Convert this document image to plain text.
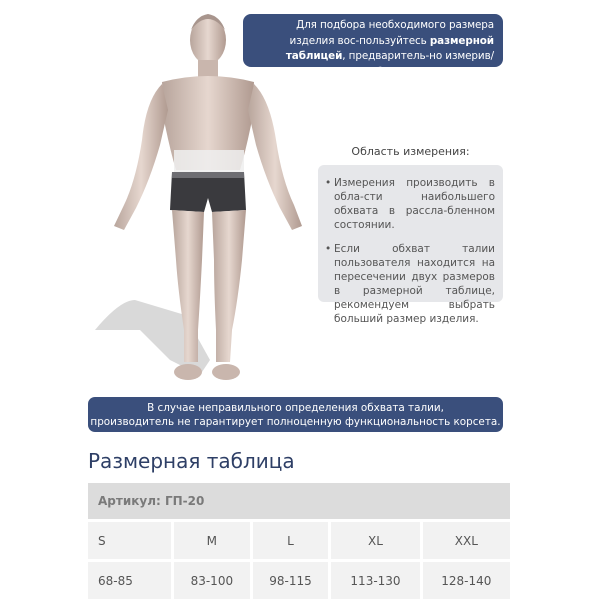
Для подбора необходимого размера изделия вос-пользуйтесь размерной таблицей, предваритель-но измерив/ уточнив все необходимые параметры
Область измерения:

• Измерения производить в обла-сти наибольшего обхвата в рассла-бленном состоянии.

• Если обхват талии пользователя находится на пересечении двух размеров в размерной таблице, рекомендуем выбрать больший размер изделия.

В случае неправильного определения обхвата талии,
производитель не гарантирует полноценную функциональность корсета.
Размерная таблица
Артикул: ГП-20				
S	M	L	XL	XXL
68-85	83-100	98-115	113-130	128-140
